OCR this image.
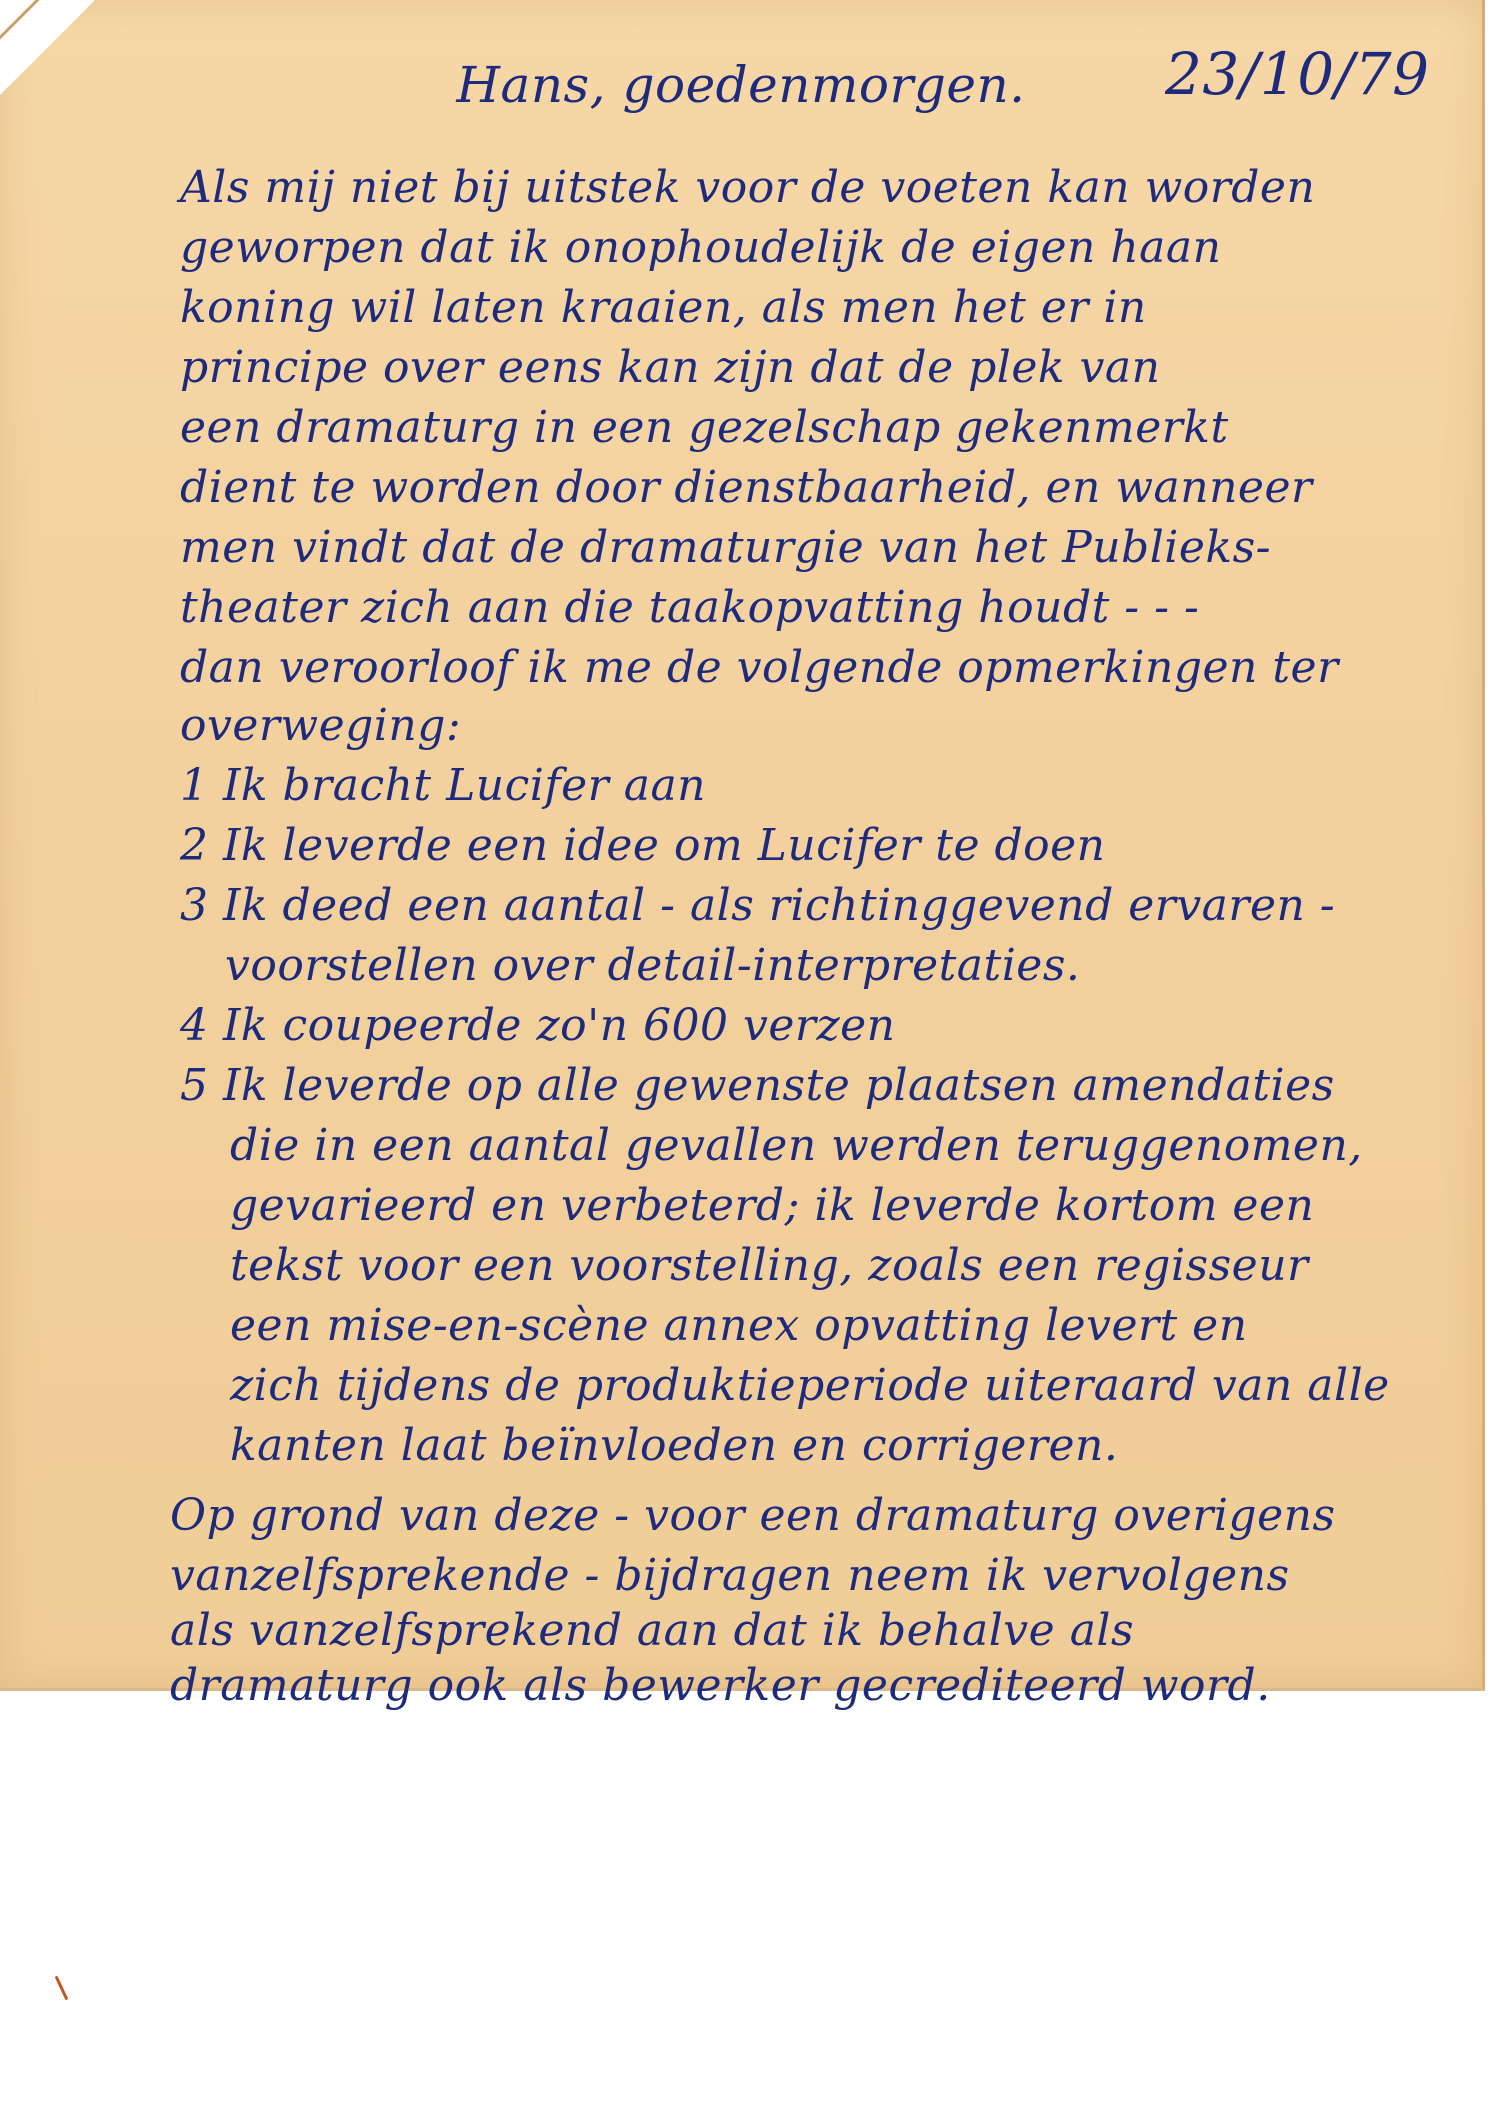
Hans, goedenmorgen.	23/10/79
Als mij niet bij uitstek voor de voeten kan worden
geworpen dat ik onophoudelijk de eigen haan
koning wil laten kraaien, als men het er in
principe over eens kan zijn dat de plek van
een dramaturg in een gezelschap gekenmerkt
dient te worden door dienstbaarheid, en wanneer
men vindt dat de dramaturgie van het Publieks-
theater zich aan die taakopvatting houdt - - -
dan veroorloof ik me de volgende opmerkingen ter
overweging:
1 Ik bracht Lucifer aan
2 Ik leverde een idee om Lucifer te doen
3 Ik deed een aantal - als richtinggevend ervaren -
voorstellen over detail-interpretaties.
4 Ik coupeerde zo'n 600 verzen
5 Ik leverde op alle gewenste plaatsen amendaties
die in een aantal gevallen werden teruggenomen,
gevarieerd en verbeterd; ik leverde kortom een
tekst voor een voorstelling, zoals een regisseur
een mise-en-scène annex opvatting levert en
zich tijdens de produktieperiode uiteraard van alle
kanten laat beïnvloeden en corrigeren.
Op grond van deze - voor een dramaturg overigens
vanzelfsprekende - bijdragen neem ik vervolgens
als vanzelfsprekend aan dat ik behalve als
dramaturg ook als bewerker gecrediteerd word.
